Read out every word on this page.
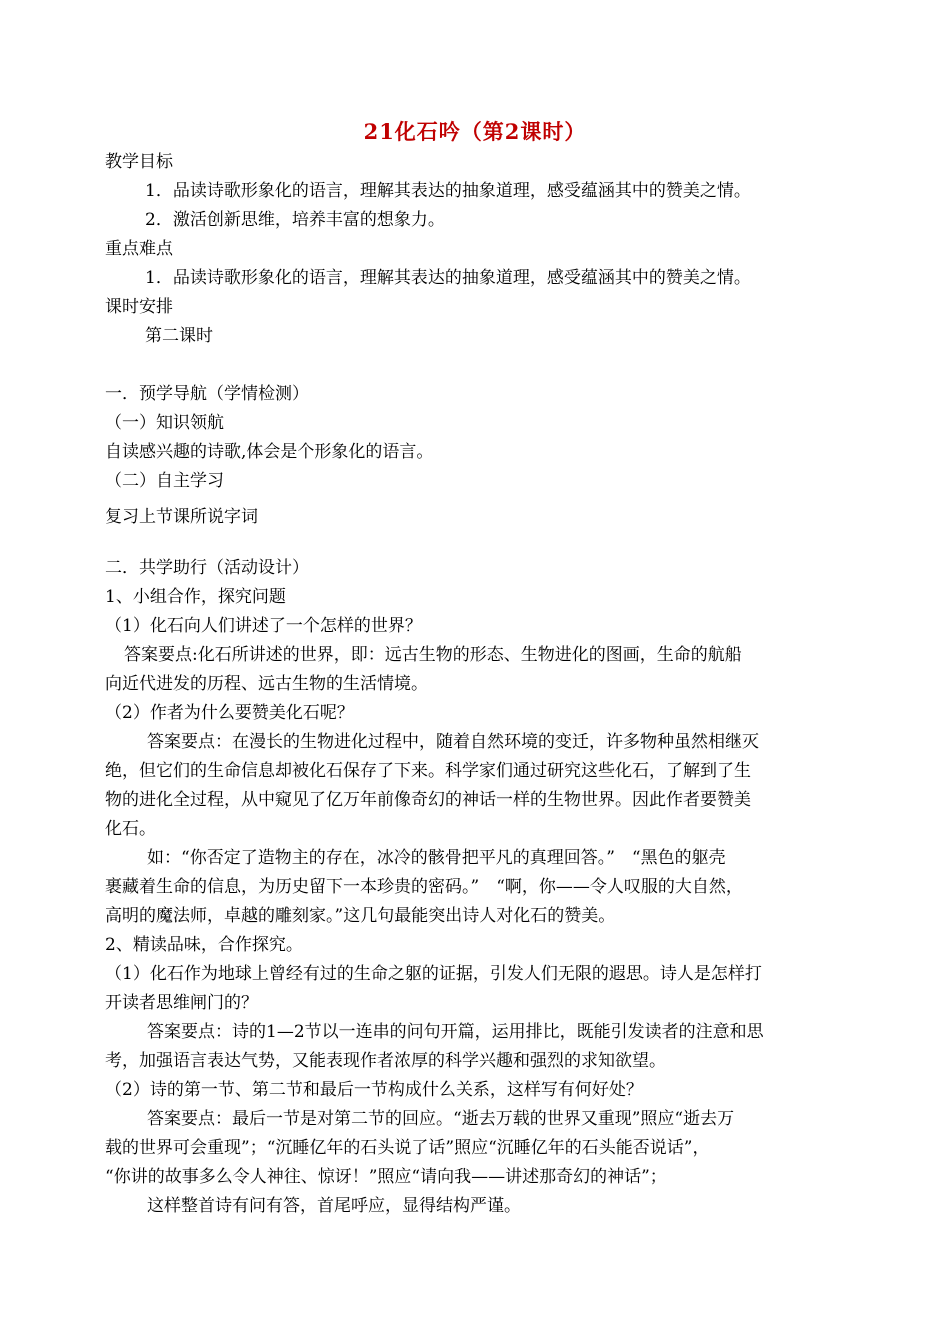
21化石吟（第2课时）
教学目标
1．品读诗歌形象化的语言，理解其表达的抽象道理，感受蕴涵其中的赞美之情。
2．激活创新思维，培养丰富的想象力。
重点难点
1．品读诗歌形象化的语言，理解其表达的抽象道理，感受蕴涵其中的赞美之情。
课时安排
第二课时
一．预学导航（学情检测）
（一）知识领航
自读感兴趣的诗歌,体会是个形象化的语言。
（二）自主学习
复习上节课所说字词
二．共学助行（活动设计）
1、小组合作，探究问题
（1）化石向人们讲述了一个怎样的世界？
答案要点:化石所讲述的世界，即：远古生物的形态、生物进化的图画，生命的航船
向近代进发的历程、远古生物的生活情境。
（2）作者为什么要赞美化石呢？
答案要点：在漫长的生物进化过程中，随着自然环境的变迁，许多物种虽然相继灭
绝，但它们的生命信息却被化石保存了下来。科学家们通过研究这些化石，了解到了生
物的进化全过程，从中窥见了亿万年前像奇幻的神话一样的生物世界。因此作者要赞美
化石。
如：“你否定了造物主的存在，冰冷的骸骨把平凡的真理回答。”　“黑色的躯壳
裹藏着生命的信息，为历史留下一本珍贵的密码。”　“啊，你——令人叹服的大自然，
高明的魔法师，卓越的雕刻家。”这几句最能突出诗人对化石的赞美。
2、精读品味，合作探究。
（1）化石作为地球上曾经有过的生命之躯的证据，引发人们无限的遐思。诗人是怎样打
开读者思维闸门的？
答案要点：诗的1—2节以一连串的问句开篇，运用排比，既能引发读者的注意和思
考，加强语言表达气势，又能表现作者浓厚的科学兴趣和强烈的求知欲望。
（2）诗的第一节、第二节和最后一节构成什么关系，这样写有何好处？
答案要点：最后一节是对第二节的回应。“逝去万载的世界又重现”照应“逝去万
载的世界可会重现”；“沉睡亿年的石头说了话”照应“沉睡亿年的石头能否说话”，
“你讲的故事多么令人神往、惊讶！”照应“请向我——讲述那奇幻的神话”；
这样整首诗有问有答，首尾呼应，显得结构严谨。
